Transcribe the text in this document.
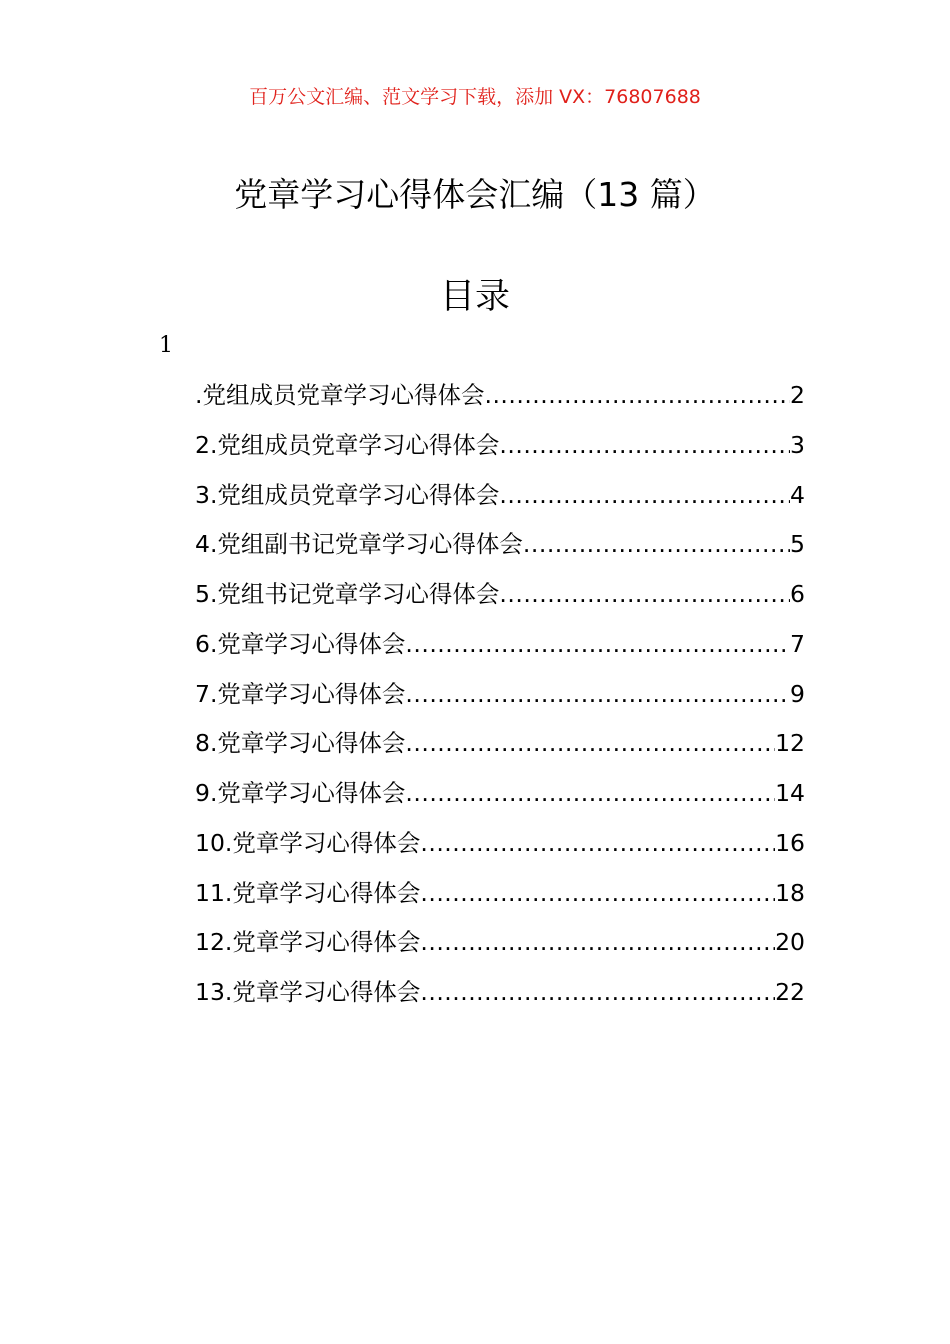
百万公文汇编、范文学习下载，添加 VX：76807688
党章学习心得体会汇编（13 篇）
目录
1
.党组成员党章学习心得体会 .....	2
2.党组成员党章学习心得体会 .....	3
3.党组成员党章学习心得体会 .....	4
4.党组副书记党章学习心得体会 .....	5
5.党组书记党章学习心得体会 .....	6
6.党章学习心得体会 .....	7
7.党章学习心得体会 .....	9
8.党章学习心得体会 .....	12
9.党章学习心得体会 .....	14
10.党章学习心得体会 .....	16
11.党章学习心得体会 .....	18
12.党章学习心得体会 .....	20
13.党章学习心得体会 .....	22
